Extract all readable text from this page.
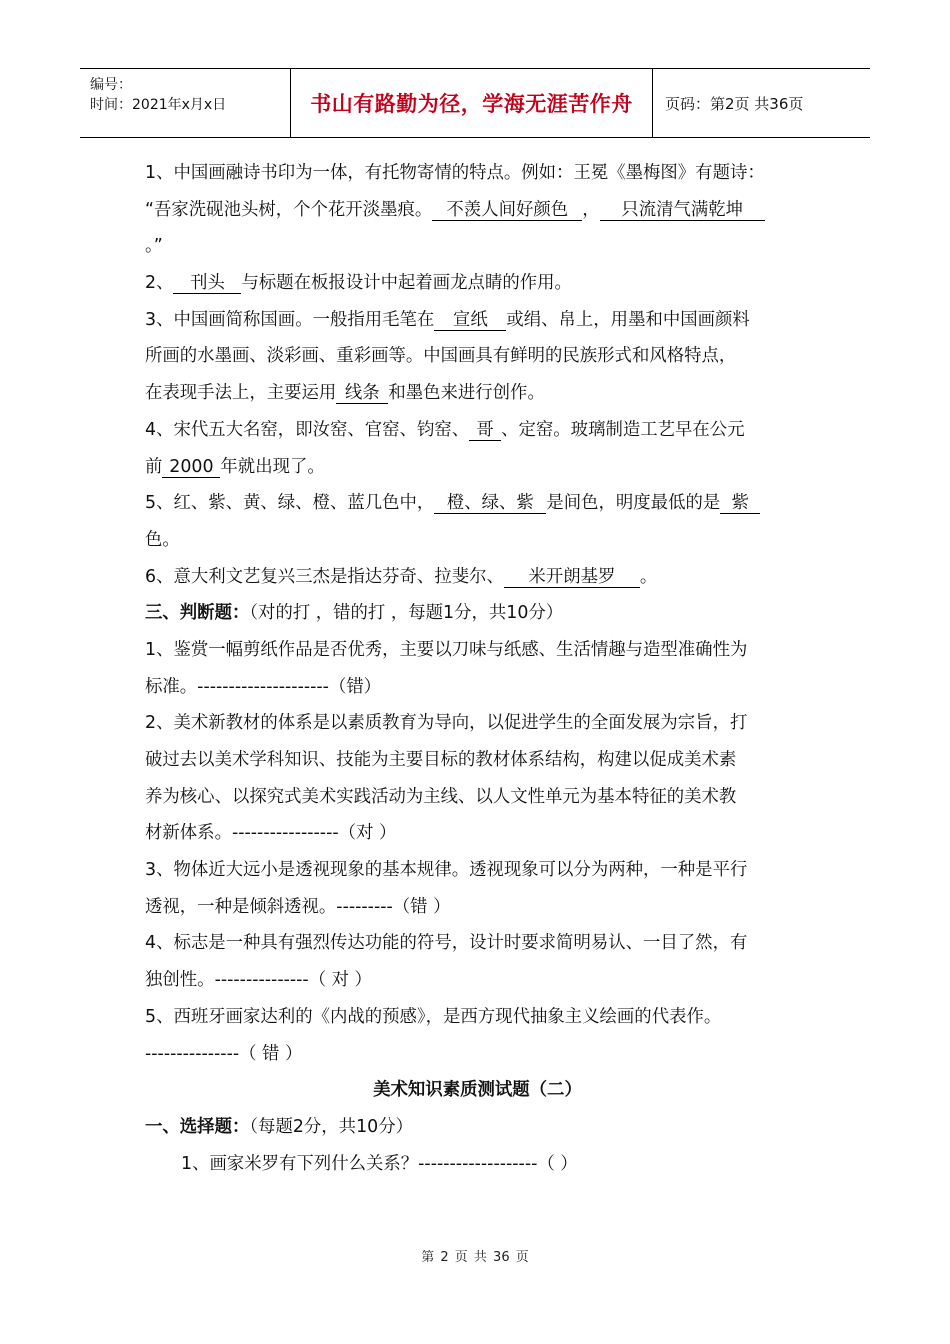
编号：
时间：2021年x月x日	书山有路勤为径，学海无涯苦作舟	页码：第2页 共36页
1、中国画融诗书印为一体，有托物寄情的特点。例如：王冕《墨梅图》有题诗：
“吾家洗砚池头树，个个花开淡墨痕。 不羡人间好颜色 ， 只流清气满乾坤
。”
2、 刊头 与标题在板报设计中起着画龙点睛的作用。
3、中国画简称国画。一般指用毛笔在 宣纸 或绢、帛上，用墨和中国画颜料
所画的水墨画、淡彩画、重彩画等。中国画具有鲜明的民族形式和风格特点，
在表现手法上，主要运用 线条 和墨色来进行创作。
4、宋代五大名窑，即汝窑、官窑、钧窑、 哥 、定窑。玻璃制造工艺早在公元
前 2000 年就出现了。
5、红、紫、黄、绿、橙、蓝几色中， 橙、绿、紫 是间色，明度最低的是 紫
色。
6、意大利文艺复兴三杰是指达芬奇、拉斐尔、 米开朗基罗 。
三、判断题：（对的打 ，错的打 ，每题1分，共10分）
1、鉴赏一幅剪纸作品是否优秀，主要以刀味与纸感、生活情趣与造型准确性为
标准。---------------------（错）
2、美术新教材的体系是以素质教育为导向，以促进学生的全面发展为宗旨，打
破过去以美术学科知识、技能为主要目标的教材体系结构，构建以促成美术素
养为核心、以探究式美术实践活动为主线、以人文性单元为基本特征的美术教
材新体系。-----------------（对 ）
3、物体近大远小是透视现象的基本规律。透视现象可以分为两种，一种是平行
透视，一种是倾斜透视。---------（错 ）
4、标志是一种具有强烈传达功能的符号，设计时要求简明易认、一目了然，有
独创性。---------------（ 对 ）
5、西班牙画家达利的《内战的预感》，是西方现代抽象主义绘画的代表作。
---------------（ 错 ）
美术知识素质测试题（二）
一、选择题：（每题2分，共10分）
1、画家米罗有下列什么关系？-------------------（ ）
第 2 页 共 36 页
